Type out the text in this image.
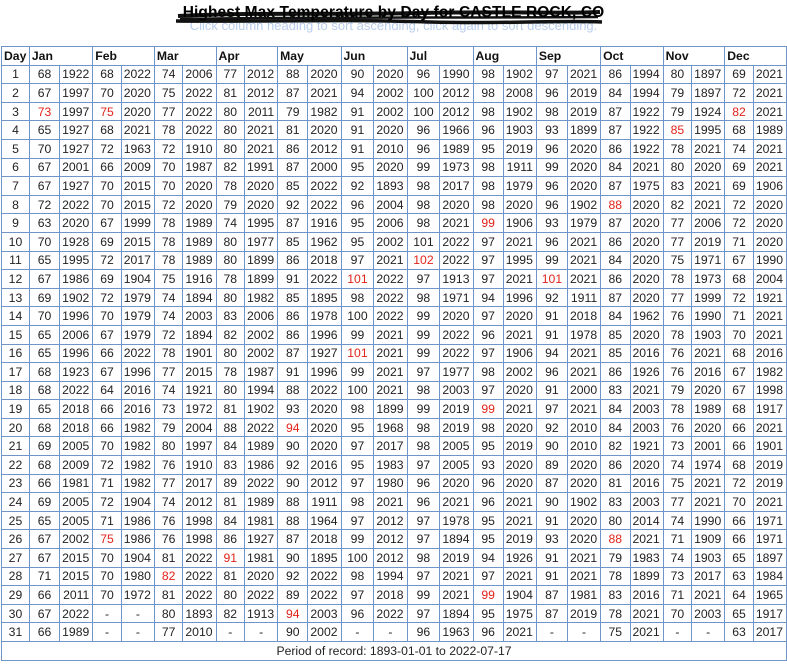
Click column heading to sort ascending, click again to sort descending.
Highest Max Temperature by Day for CASTLE ROCK, CO
Day	Jan		Feb		Mar		Apr		May		Jun		Jul		Aug		Sep		Oct		Nov		Dec	
1	68	1922	68	2022	74	2006	77	2012	88	2020	90	2020	96	1990	98	1902	97	2021	86	1994	80	1897	69	2021
2	67	1997	70	2020	75	2022	81	2012	87	2021	94	2002	100	2012	98	2008	96	2019	84	1994	79	1897	72	2021
3	73	1997	75	2020	77	2022	80	2011	79	1982	91	2002	100	2012	98	1902	98	2019	87	1922	79	1924	82	2021
4	65	1927	68	2021	78	2022	80	2021	81	2020	91	2020	96	1966	96	1903	93	1899	87	1922	85	1995	68	1989
5	70	1927	72	1963	72	1910	80	2021	86	2012	91	2010	96	1989	95	2019	96	2020	86	1922	78	2021	74	2021
6	67	2001	66	2009	70	1987	82	1991	87	2000	95	2020	99	1973	98	1911	99	2020	84	2021	80	2020	69	2021
7	67	1927	70	2015	70	2020	78	2020	85	2022	92	1893	98	2017	98	1979	96	2020	87	1975	83	2021	69	1906
8	72	2022	70	2015	72	2020	79	2020	92	2022	96	2004	98	2020	98	2020	96	1902	88	2020	82	2021	72	2020
9	63	2020	67	1999	78	1989	74	1995	87	1916	95	2006	98	2021	99	1906	93	1979	87	2020	77	2006	72	2020
10	70	1928	69	2015	78	1989	80	1977	85	1962	95	2002	101	2022	97	2021	96	2021	86	2020	77	2019	71	2020
11	65	1995	72	2017	78	1989	80	1899	86	2018	97	2021	102	2022	97	1995	99	2021	84	2020	75	1971	67	1990
12	67	1986	69	1904	75	1916	78	1899	91	2022	101	2022	97	1913	97	2021	101	2021	86	2020	78	1973	68	2004
13	69	1902	72	1979	74	1894	80	1982	85	1895	98	2022	98	1971	94	1996	92	1911	87	2020	77	1999	72	1921
14	70	1996	70	1979	74	2003	83	2006	86	1978	100	2022	99	2020	97	2020	91	2018	84	1962	76	1990	71	2021
15	65	2006	67	1979	72	1894	82	2002	86	1996	99	2021	99	2022	96	2021	91	1978	85	2020	78	1903	70	2021
16	65	1996	66	2022	78	1901	80	2002	87	1927	101	2021	99	2022	97	1906	94	2021	85	2016	76	2021	68	2016
17	68	1923	67	1996	77	2015	78	1987	91	1996	99	2021	97	1977	98	2002	96	2021	86	1926	76	2016	67	1982
18	68	2022	64	2016	74	1921	80	1994	88	2022	100	2021	98	2003	97	2020	91	2000	83	2021	79	2020	67	1998
19	65	2018	66	2016	73	1972	81	1902	93	2020	98	1899	99	2019	99	2021	97	2021	84	2003	78	1989	68	1917
20	68	2018	66	1982	79	2004	88	2022	94	2020	95	1968	98	2019	98	2020	92	2010	84	2003	76	2020	66	2021
21	69	2005	70	1982	80	1997	84	1989	90	2020	97	2017	98	2005	95	2019	90	2010	82	1921	73	2001	66	1901
22	68	2009	72	1982	76	1910	83	1986	92	2016	95	1983	97	2005	93	2020	89	2020	86	2020	74	1974	68	2019
23	66	1981	71	1982	77	2017	89	2022	90	2012	97	1980	96	2020	96	2020	87	2020	81	2016	75	2021	72	2019
24	69	2005	72	1904	74	2012	81	1989	88	1911	98	2021	96	2021	96	2021	90	1902	83	2003	77	2021	70	2021
25	65	2005	71	1986	76	1998	84	1981	88	1964	97	2012	97	1978	95	2021	91	2020	80	2014	74	1990	66	1971
26	67	2002	75	1986	76	1998	86	1927	87	2018	99	2012	97	1894	95	2019	93	2020	88	2021	71	1909	66	1971
27	67	2015	70	1904	81	2022	91	1981	90	1895	100	2012	98	2019	94	1926	91	2021	79	1983	74	1903	65	1897
28	71	2015	70	1980	82	2022	81	2020	92	2022	98	1994	97	2021	97	2021	91	2021	78	1899	73	2017	63	1984
29	66	2011	70	1972	81	2022	80	2022	89	2022	97	2018	99	2021	99	1904	87	1981	83	2016	71	2021	64	1965
30	67	2022	-	-	80	1893	82	1913	94	2003	96	2022	97	1894	95	1975	87	2019	78	2021	70	2003	65	1917
31	66	1989	-	-	77	2010	-	-	90	2002	-	-	96	1963	96	2021	-	-	75	2021	-	-	63	2017
Period of record: 1893-01-01 to 2022-07-17																								
